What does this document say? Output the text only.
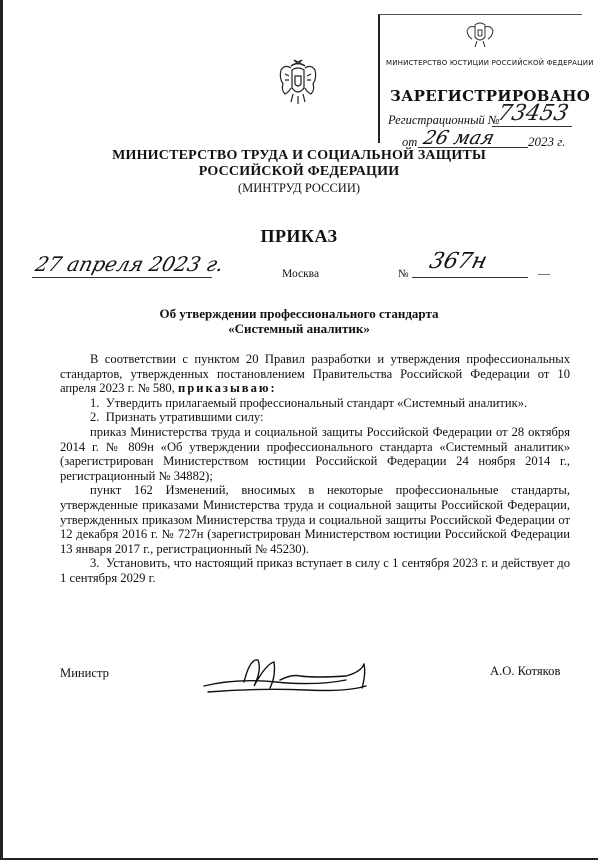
МИНИСТЕРСТВО ЮСТИЦИИ РОССИЙСКОЙ ФЕДЕРАЦИИ
ЗАРЕГИСТРИРОВАНО
Регистрационный №
73453
от 26 мая 2023 г.
МИНИСТЕРСТВО ТРУДА И СОЦИАЛЬНОЙ ЗАЩИТЫ
РОССИЙСКОЙ ФЕДЕРАЦИИ
(МИНТРУД РОССИИ)
ПРИКАЗ
27 апреля 2023 г.	Москва	№ 367н	—
Об утверждении профессионального стандарта
«Системный аналитик»

В соответствии с пунктом 20 Правил разработки и утверждения профессиональных стандартов, утвержденных постановлением Правительства Российской Федерации от 10 апреля 2023 г. № 580, приказываю:

1.  Утвердить прилагаемый профессиональный стандарт «Системный аналитик».

2.  Признать утратившими силу:

приказ Министерства труда и социальной защиты Российской Федерации от 28 октября 2014 г. № 809н «Об утверждении профессионального стандарта «Системный аналитик» (зарегистрирован Министерством юстиции Российской Федерации 24 ноября 2014 г., регистрационный № 34882);

пункт 162 Изменений, вносимых в некоторые профессиональные стандарты, утвержденные приказами Министерства труда и социальной защиты Российской Федерации, утвержденных приказом Министерства труда и социальной защиты Российской Федерации от 12 декабря 2016 г. № 727н (зарегистрирован Министерством юстиции Российской Федерации 13 января 2017 г., регистрационный № 45230).

3.  Установить, что настоящий приказ вступает в силу с 1 сентября 2023 г. и действует до 1 сентября 2029 г.

Министр	А.О. Котяков
